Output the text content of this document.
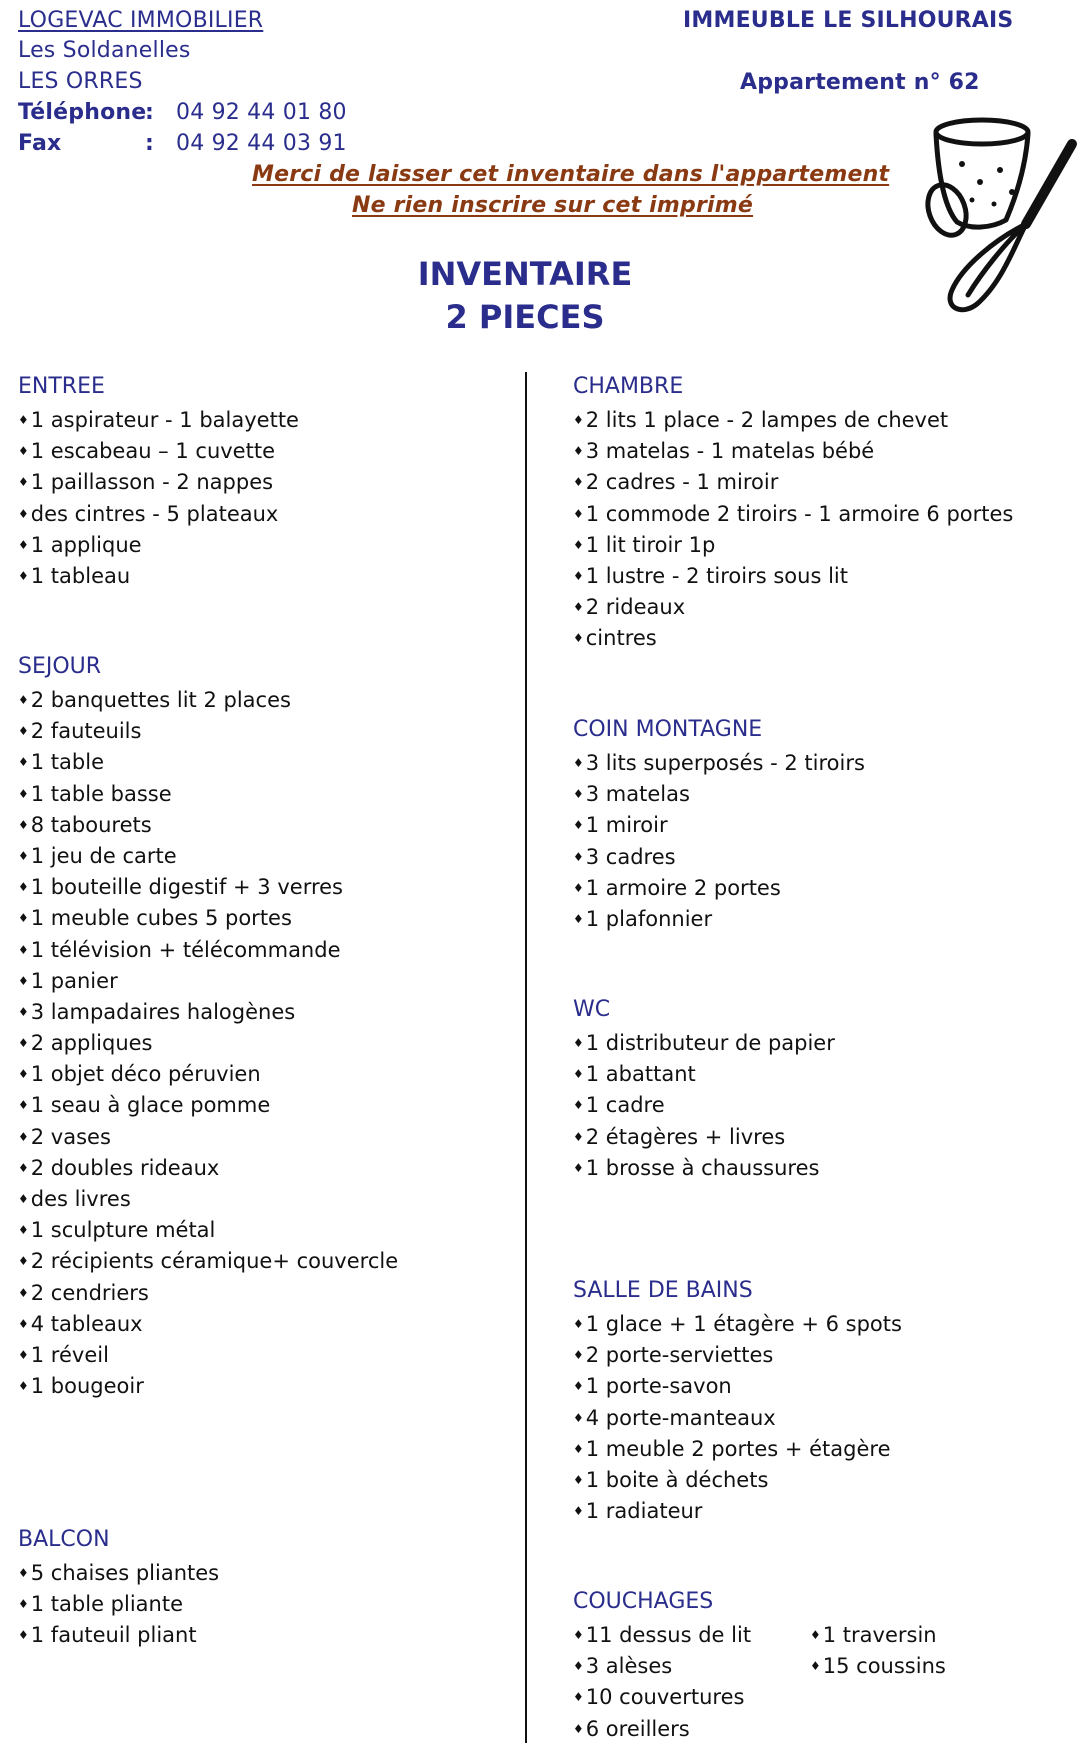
LOGEVAC IMMOBILIER
Les Soldanelles
LES ORRES
Téléphone
: 04 92 44 01 80
Fax	: 04 92 44 03 91
IMMEUBLE LE SILHOURAIS
Appartement n° 62
Merci de laisser cet inventaire dans l'appartement
Ne rien inscrire sur cet imprimé
INVENTAIRE
2 PIECES
ENTREE
♦ 1 aspirateur - 1 balayette
♦ 1 escabeau – 1 cuvette
♦ 1 paillasson - 2 nappes
♦ des cintres - 5 plateaux
♦ 1 applique
♦ 1 tableau
SEJOUR
♦ 2 banquettes lit 2 places
♦ 2 fauteuils
♦ 1 table
♦ 1 table basse
♦ 8 tabourets
♦ 1 jeu de carte
♦ 1 bouteille digestif + 3 verres
♦ 1 meuble cubes 5 portes
♦ 1 télévision + télécommande
♦ 1 panier
♦ 3 lampadaires halogènes
♦ 2 appliques
♦ 1 objet déco péruvien
♦ 1 seau à glace pomme
♦ 2 vases
♦ 2 doubles rideaux
♦ des livres
♦ 1 sculpture métal
♦ 2 récipients céramique+ couvercle
♦ 2 cendriers
♦ 4 tableaux
♦ 1 réveil
♦ 1 bougeoir
BALCON
♦ 5 chaises pliantes
♦ 1 table pliante
♦ 1 fauteuil pliant
CHAMBRE
♦ 2 lits 1 place - 2 lampes de chevet
♦ 3 matelas - 1 matelas bébé
♦ 2 cadres - 1 miroir
♦ 1 commode 2 tiroirs - 1 armoire 6 portes
♦ 1 lit tiroir 1p
♦ 1 lustre - 2 tiroirs sous lit
♦ 2 rideaux
♦ cintres
COIN MONTAGNE
♦ 3 lits superposés - 2 tiroirs
♦ 3 matelas
♦ 1 miroir
♦ 3 cadres
♦ 1 armoire 2 portes
♦ 1 plafonnier
WC
♦ 1 distributeur de papier
♦ 1 abattant
♦ 1 cadre
♦ 2 étagères + livres
♦ 1 brosse à chaussures
SALLE DE BAINS
♦ 1 glace + 1 étagère + 6 spots
♦ 2 porte-serviettes
♦ 1 porte-savon
♦ 4 porte-manteaux
♦ 1 meuble 2 portes + étagère
♦ 1 boite à déchets
♦ 1 radiateur
COUCHAGES
♦ 11 dessus de lit
♦ 3 alèses
♦ 10 couvertures
♦ 6 oreillers
♦ 1 traversin
♦ 15 coussins
